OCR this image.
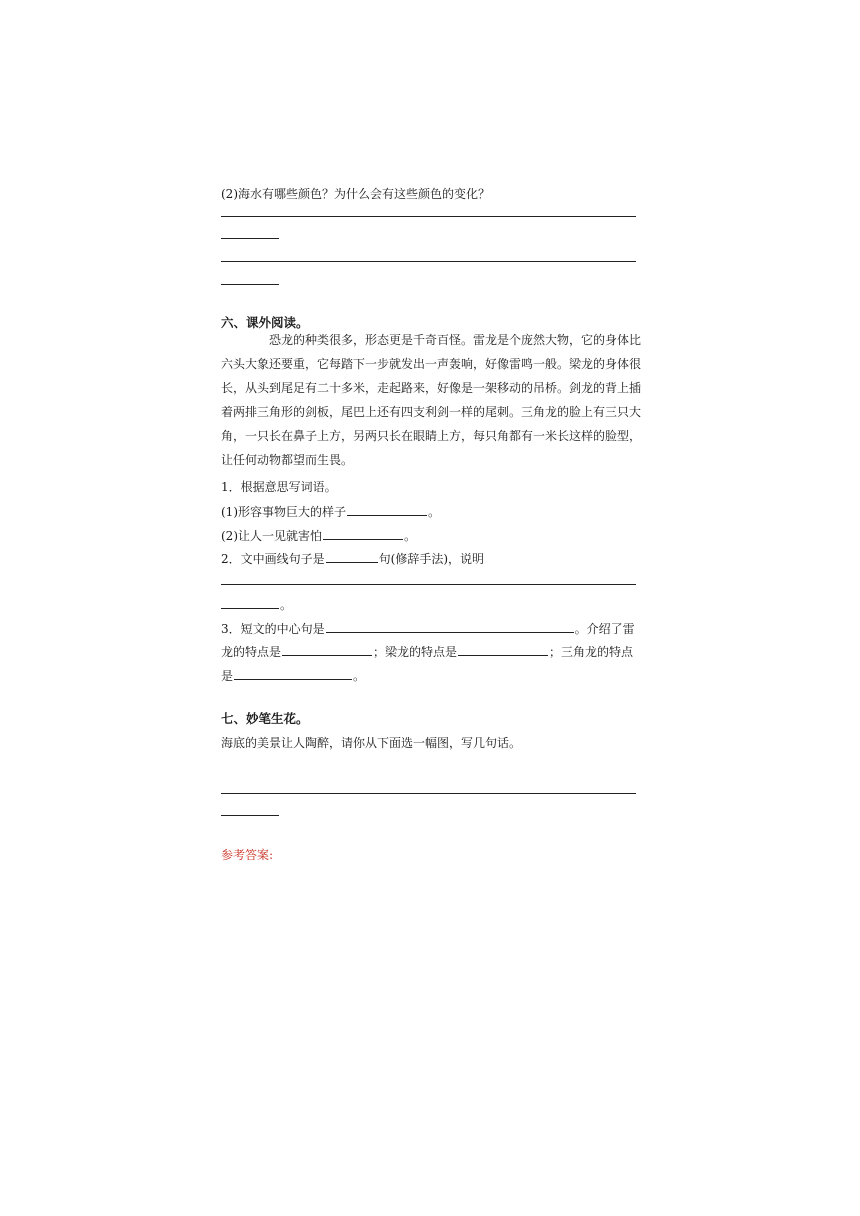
(2)海水有哪些颜色？为什么会有这些颜色的变化？
六、课外阅读。
恐龙的种类很多，形态更是千奇百怪。雷龙是个庞然大物，它的身体比
六头大象还要重，它每踏下一步就发出一声轰响，好像雷鸣一般。梁龙的身体很
长，从头到尾足有二十多米，走起路来，好像是一架移动的吊桥。剑龙的背上插
着两排三角形的剑板，尾巴上还有四支利剑一样的尾刺。三角龙的脸上有三只大
角，一只长在鼻子上方，另两只长在眼睛上方，每只角都有一米长这样的脸型，
让任何动物都望而生畏。
1．根据意思写词语。
(1)形容事物巨大的样子	。
(2)让人一见就害怕	。
2．文中画线句子是	句(修辞手法)，说明
。
3．短文的中心句是	。介绍了雷
龙的特点是	；梁龙的特点是	；三角龙的特点
是	。
七、妙笔生花。
海底的美景让人陶醉，请你从下面选一幅图，写几句话。
参考答案:
